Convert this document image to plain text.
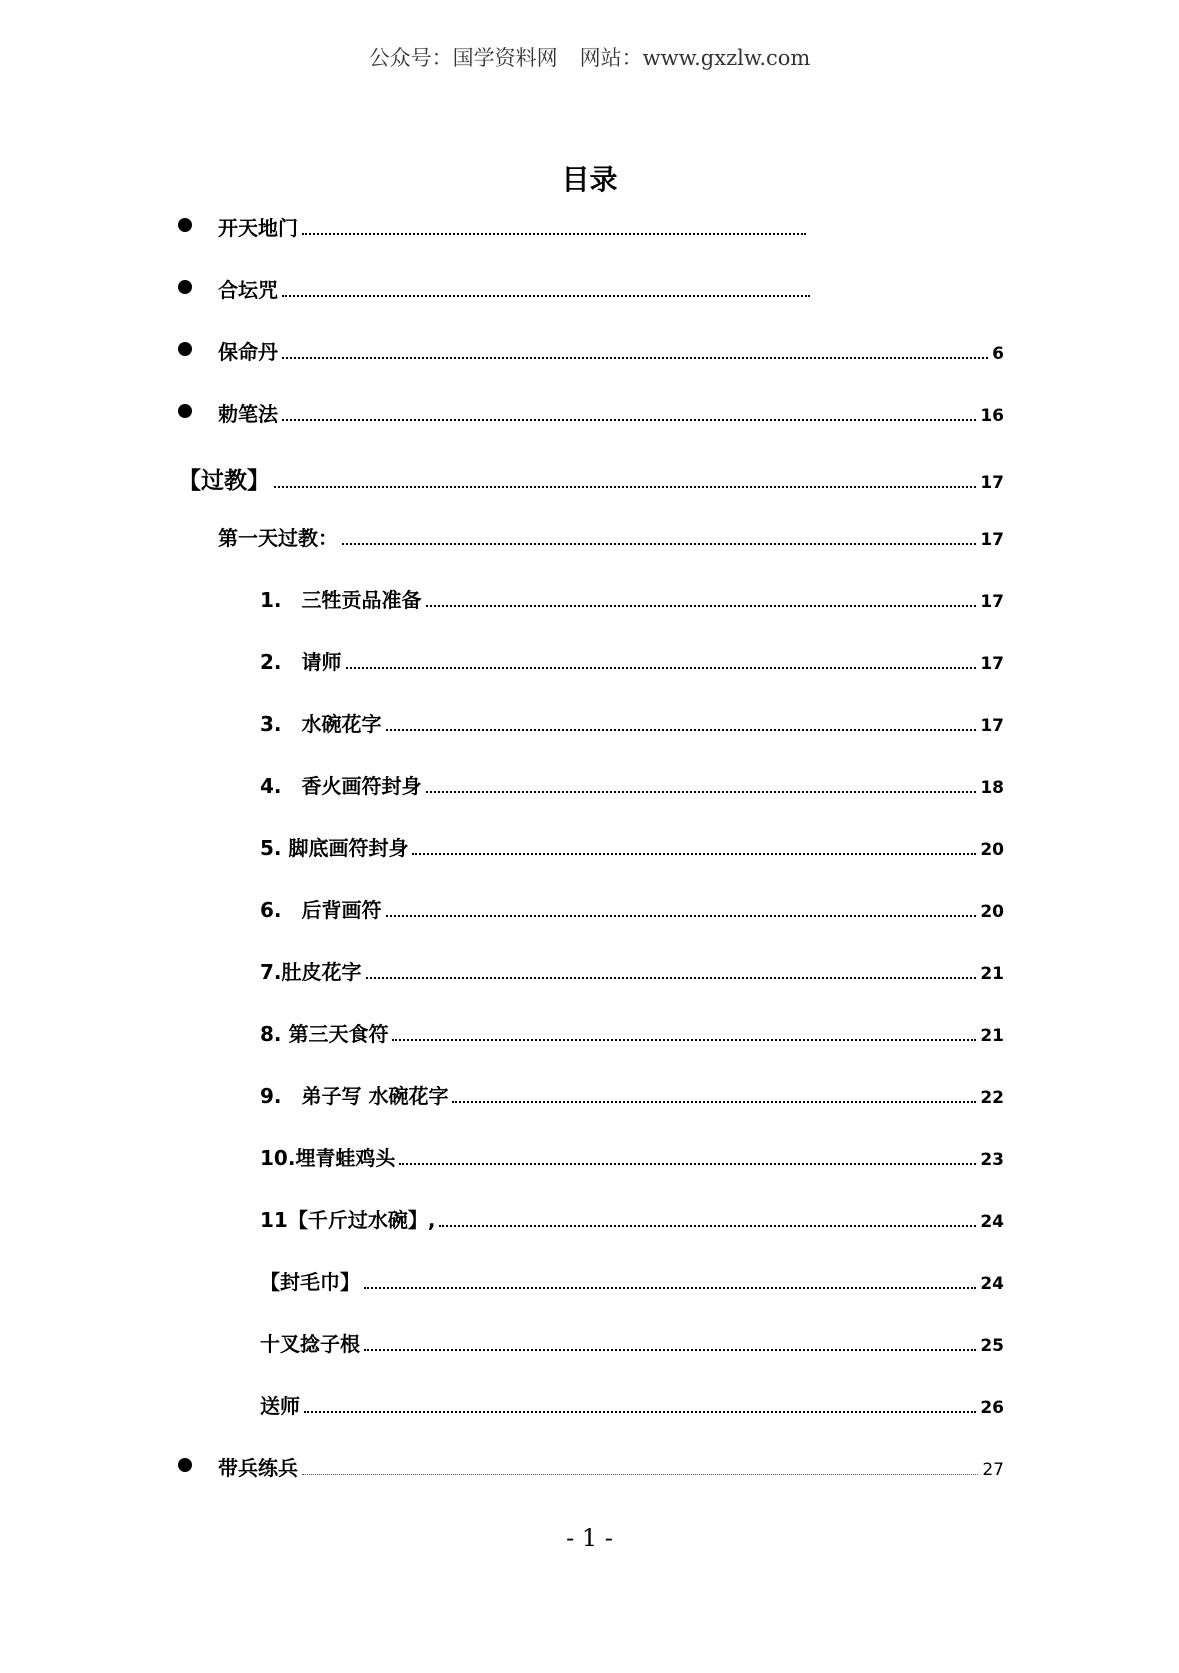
公众号：国学资料网 网站：www.gxzlw.com
目录
开天地门
合坛咒
保命丹	6
勅笔法	16
【过教】	17
第一天过教：	17
1.　三牲贡品准备	17
2.　请师	17
3.　水碗花字	17
4.　香火画符封身	18
5. 脚底画符封身	20
6.　后背画符	20
7.肚皮花字	21
8. 第三天食符	21
9.　弟子写 水碗花字	22
10.埋青蛙鸡头	23
11【千斤过水碗】,	24
【封毛巾】	24
十叉捻子根	25
送师	26
带兵练兵	27
- 1 -
